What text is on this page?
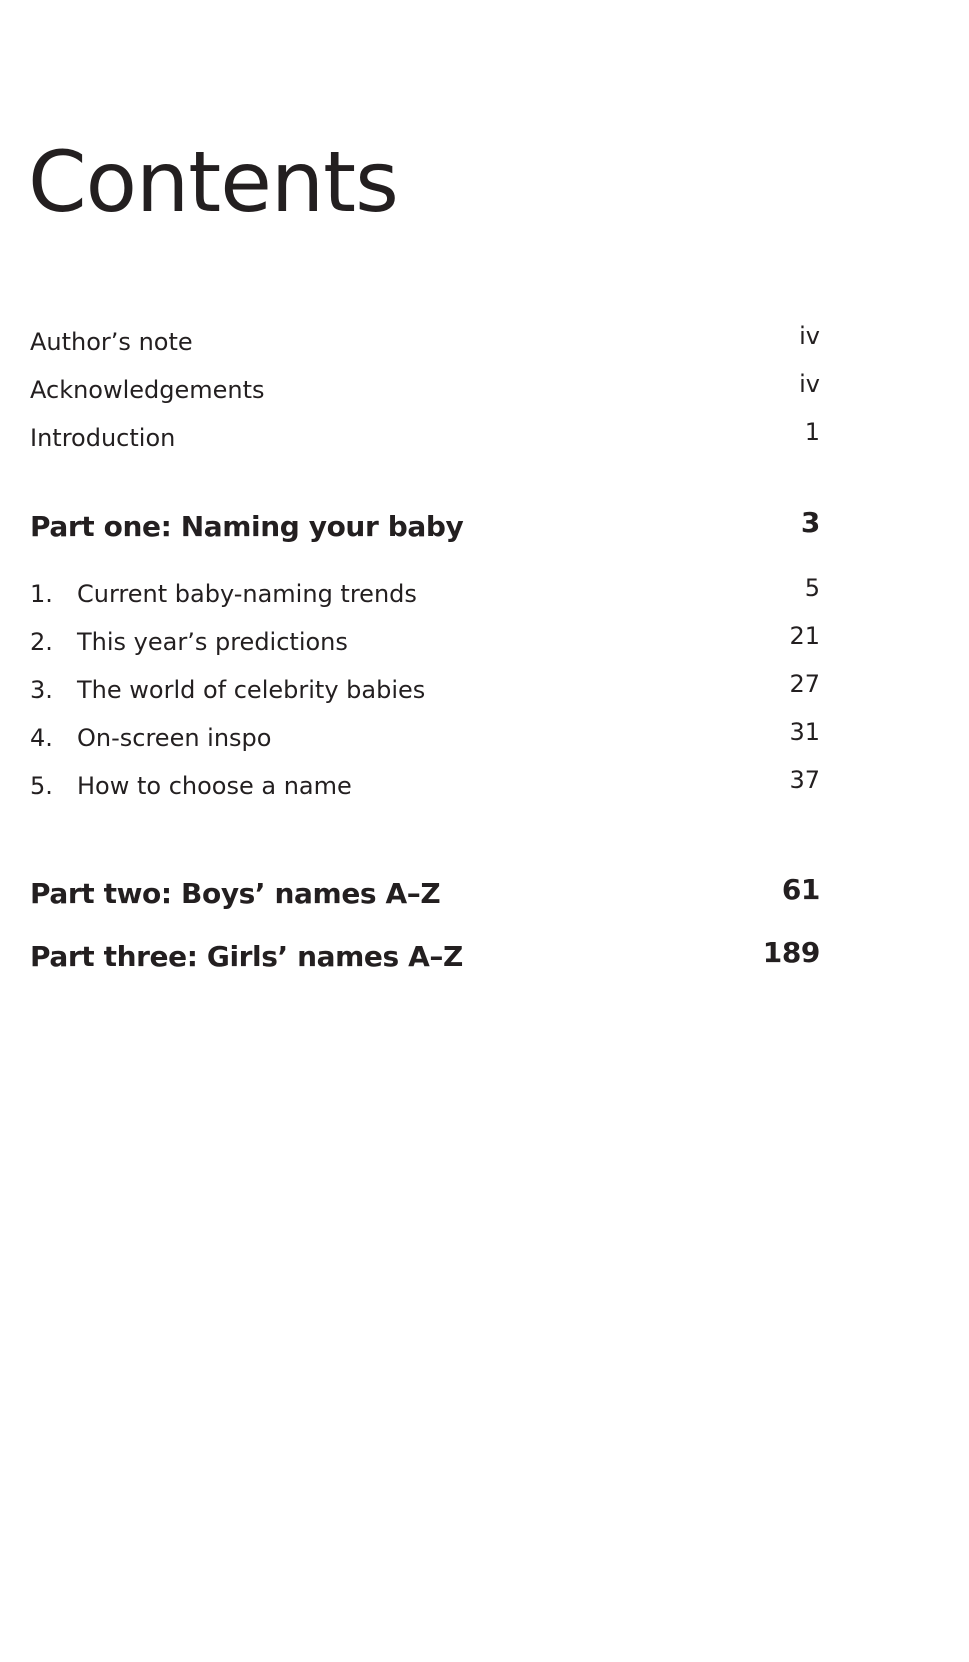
Contents
Author’s note	iv
Acknowledgements	iv
Introduction	1
Part one: Naming your baby	3
1. Current baby-naming trends	5
2. This year’s predictions	21
3. The world of celebrity babies	27
4. On-screen inspo	31
5. How to choose a name	37
Part two: Boys’ names A–Z	61
Part three: Girls’ names A–Z	189
